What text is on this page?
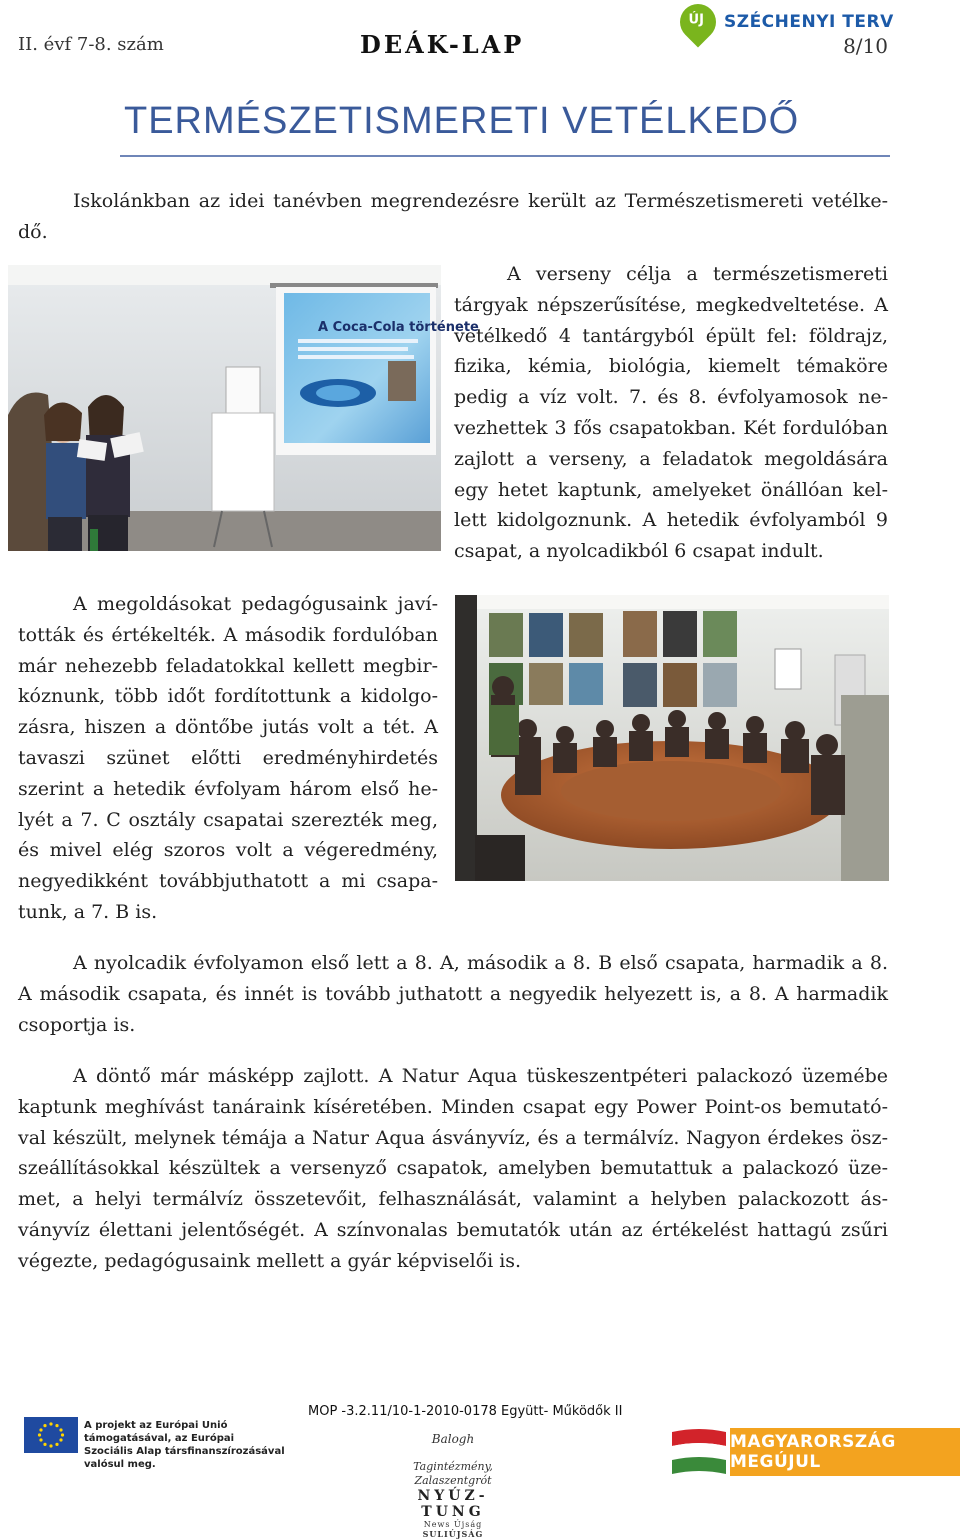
II. évf 7-8. szám	DEÁK-LAP	8/10
ÚJ	SZÉCHENYI TERV
TERMÉSZETISMERETI VETÉLKEDŐ

Iskolánkban az idei tanévben megrendezésre került az Természetismereti vetélke-dő.

A Coca-Cola története

A verseny célja a természetismereti tárgyak népszerűsítése, megkedveltetése. A vetélkedő 4 tantárgyból épült fel: földrajz, fizika, kémia, biológia, kiemelt témaköre pedig a víz volt. 7. és 8. évfolyamosok ne-vezhettek 3 fős csapatokban. Két fordulóban zajlott a verseny, a feladatok megoldására egy hetet kaptunk, amelyeket önállóan kel-lett kidolgoznunk. A hetedik évfolyamból 9 csapat, a nyolcadikból 6 csapat indult.

A megoldásokat pedagógusaink javí-tották és értékelték. A második fordulóban már nehezebb feladatokkal kellett megbir-kóznunk, több időt fordítottunk a kidolgo-zásra, hiszen a döntőbe jutás volt a tét. A tavaszi szünet előtti eredményhirdetés szerint a hetedik évfolyam három első he-lyét a 7. C osztály csapatai szerezték meg, és mivel elég szoros volt a végeredmény, negyedikként továbbjuthatott a mi csapa-tunk, a 7. B is.

A nyolcadik évfolyamon első lett a 8. A, második a 8. B első csapata, harmadik a 8. A második csapata, és innét is tovább juthatott a negyedik helyezett is, a 8. A harmadik csoportja is.

A döntő már másképp zajlott. A Natur Aqua tüskeszentpéteri palackozó üzemébe kaptunk meghívást tanáraink kíséretében. Minden csapat egy Power Point-os bemutató-val készült, melynek témája a Natur Aqua ásványvíz, és a termálvíz. Nagyon érdekes ösz-szeállításokkal készültek a versenyző csapatok, amelyben bemutattuk a palackozó üze-met, a helyi termálvíz összetevőit, felhasználását, valamint a helyben palackozott ás-ványvíz élettani jelentőségét. A színvonalas bemutatók után az értékelést hattagú zsűri végezte, pedagógusaink mellett a gyár képviselői is.

MOP -3.2.11/10-1-2010-0178 Együtt- Működők II
A projekt az Európai Unió támogatásával, az Európai
Szociális Alap társfinanszírozásával valósul meg.
Balogh
Tagintézmény, Zalaszentgrót
NYÚZ-TUNG
News Újság
SULIÚJSÁG
MAGYARORSZÁG MEGÚJUL
